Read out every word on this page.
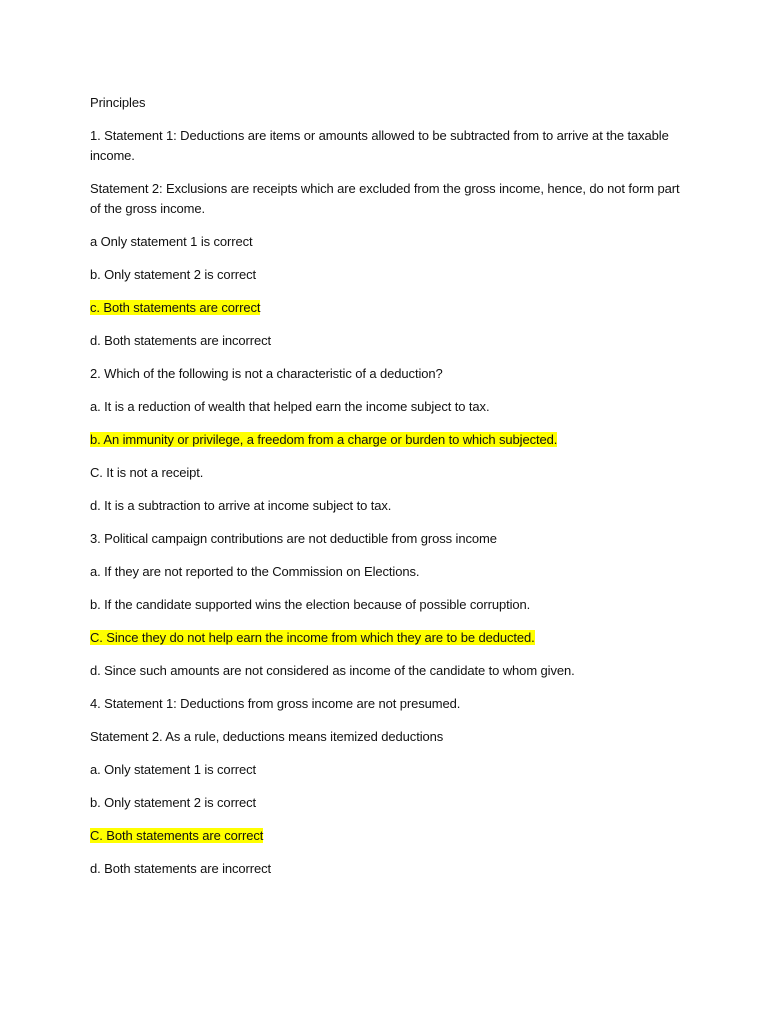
Principles

1. Statement 1: Deductions are items or amounts allowed to be subtracted from to arrive at the taxable income.

Statement 2: Exclusions are receipts which are excluded from the gross income, hence, do not form part of the gross income.

a Only statement 1 is correct

b. Only statement 2 is correct

c. Both statements are correct

d. Both statements are incorrect

2. Which of the following is not a characteristic of a deduction?

a. It is a reduction of wealth that helped earn the income subject to tax.

b. An immunity or privilege, a freedom from a charge or burden to which subjected.

C. It is not a receipt.

d. It is a subtraction to arrive at income subject to tax.

3. Political campaign contributions are not deductible from gross income

a. If they are not reported to the Commission on Elections.

b. If the candidate supported wins the election because of possible corruption.

C. Since they do not help earn the income from which they are to be deducted.

d. Since such amounts are not considered as income of the candidate to whom given.

4. Statement 1: Deductions from gross income are not presumed.

Statement 2. As a rule, deductions means itemized deductions

a. Only statement 1 is correct

b. Only statement 2 is correct

C. Both statements are correct

d. Both statements are incorrect
